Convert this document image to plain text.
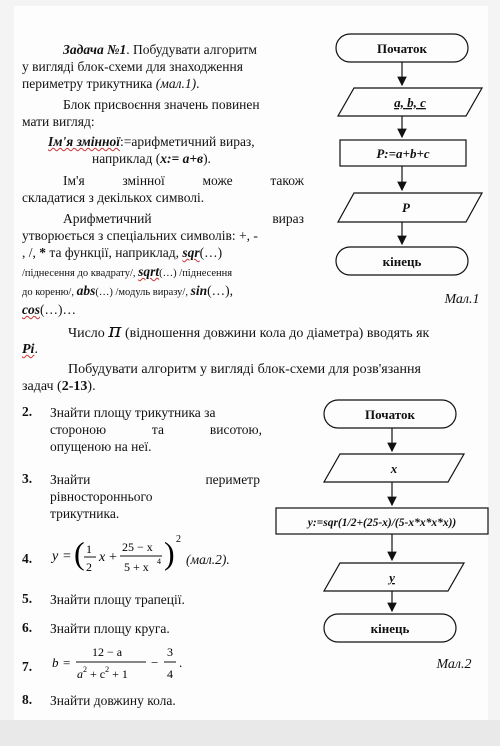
Задача №1. Побудувати алгоритм
у вигляді блок-схеми для знаходження
периметру трикутника (мал.1).
Блок присвоєння значень повинен
мати вигляд:
Ім'я змінної:=арифметичний вираз,
наприклад (x:= a+в).
Ім'я змінної може також
складатися з декількох символі.
Арифметичний вираз
утворюється з спеціальних символів: +, -
, /, * та функції, наприклад, sqr(…)
/піднесення до квадрату/, sqrt(…) /піднесення
до кореню/, abs(…) /модуль виразу/, sin(…),
cos(…)…
Число π (відношення довжини кола до діаметра) вводять як
Pi.
Побудувати алгоритм у вигляді блок-схеми для розв'язання
задач (2-13).
2. Знайти площу трикутника за
стороною та висотою,
опущеною на неї.
3. Знайти периметр
рівностороннього
трикутника.
4. y = ( 1
2
x +
25 − x
5 + x 4 ) 2
(мал.2).
5. Знайти площу трапеції.
6. Знайти площу круга.
7. b =
12 − a
$a^2 + c^2 + 1$
−
3
4
.
8. Знайти довжину кола.
Початок
a, b, c
P:=a+b+c
P
кінець
Мал.1
Початок
x
y:=sqr(1/2+(25-x)/(5-x*x*x*x))
y
кінець
Мал.2
